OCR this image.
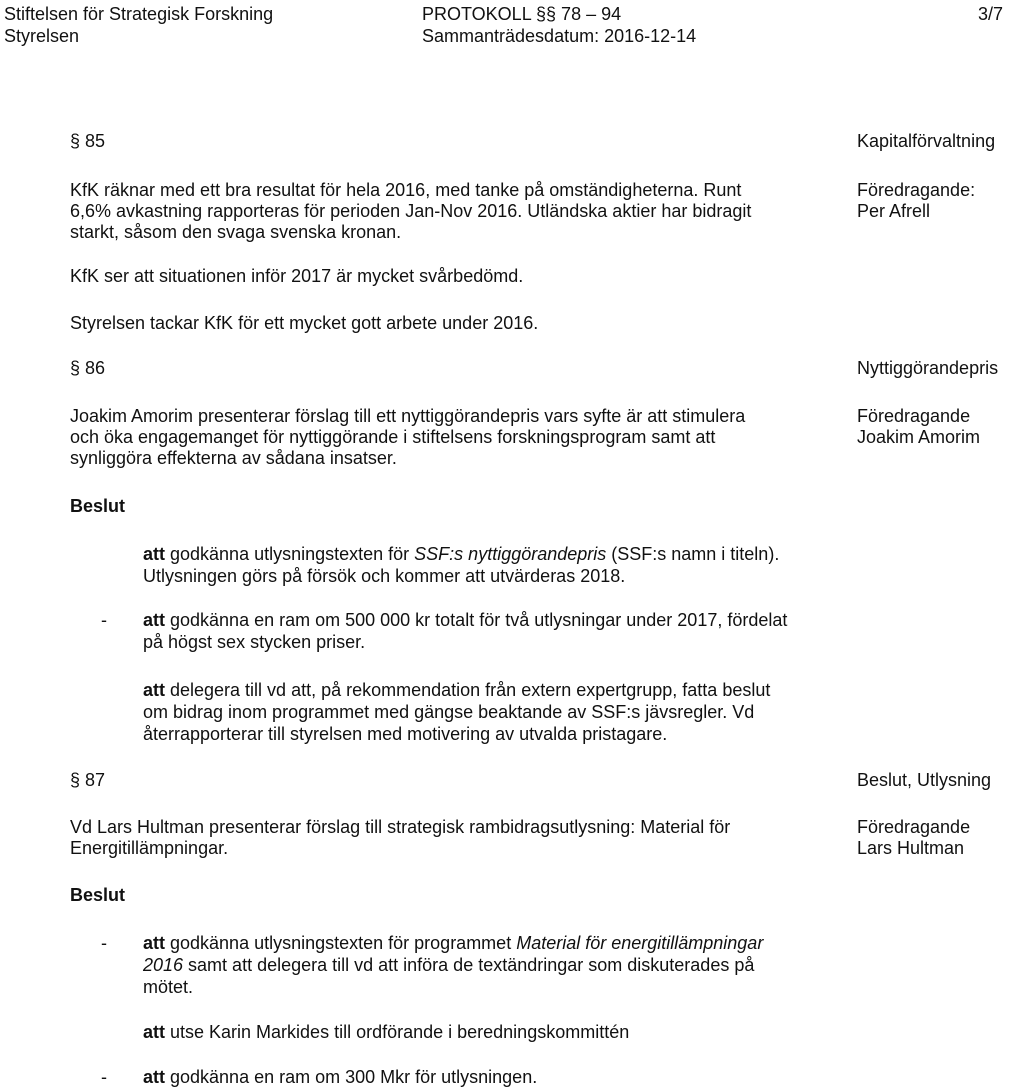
Stiftelsen för Strategisk Forskning
Styrelsen
PROTOKOLL §§ 78 – 94
Sammanträdesdatum: 2016-12-14
3/7
§ 85	Kapitalförvaltning
KfK räknar med ett bra resultat för hela 2016, med tanke på omständigheterna. Runt
6,6% avkastning rapporteras för perioden Jan-Nov 2016. Utländska aktier har bidragit
starkt, såsom den svaga svenska kronan.
Föredragande:
Per Afrell
KfK ser att situationen inför 2017 är mycket svårbedömd.
Styrelsen tackar KfK för ett mycket gott arbete under 2016.
§ 86	Nyttiggörandepris
Joakim Amorim presenterar förslag till ett nyttiggörandepris vars syfte är att stimulera
och öka engagemanget för nyttiggörande i stiftelsens forskningsprogram samt att
synliggöra effekterna av sådana insatser.
Föredragande
Joakim Amorim
Beslut
att godkänna utlysningstexten för SSF:s nyttiggörandepris (SSF:s namn i titeln).
Utlysningen görs på försök och kommer att utvärderas 2018.
- att godkänna en ram om 500 000 kr totalt för två utlysningar under 2017, fördelat
på högst sex stycken priser.
att delegera till vd att, på rekommendation från extern expertgrupp, fatta beslut
om bidrag inom programmet med gängse beaktande av SSF:s jävsregler. Vd
återrapporterar till styrelsen med motivering av utvalda pristagare.
§ 87	Beslut, Utlysning
Vd Lars Hultman presenterar förslag till strategisk rambidragsutlysning: Material för
Energitillämpningar.
Föredragande
Lars Hultman
Beslut
- att godkänna utlysningstexten för programmet Material för energitillämpningar
2016 samt att delegera till vd att införa de textändringar som diskuterades på
mötet.
att utse Karin Markides till ordförande i beredningskommittén
- att godkänna en ram om 300 Mkr för utlysningen.
